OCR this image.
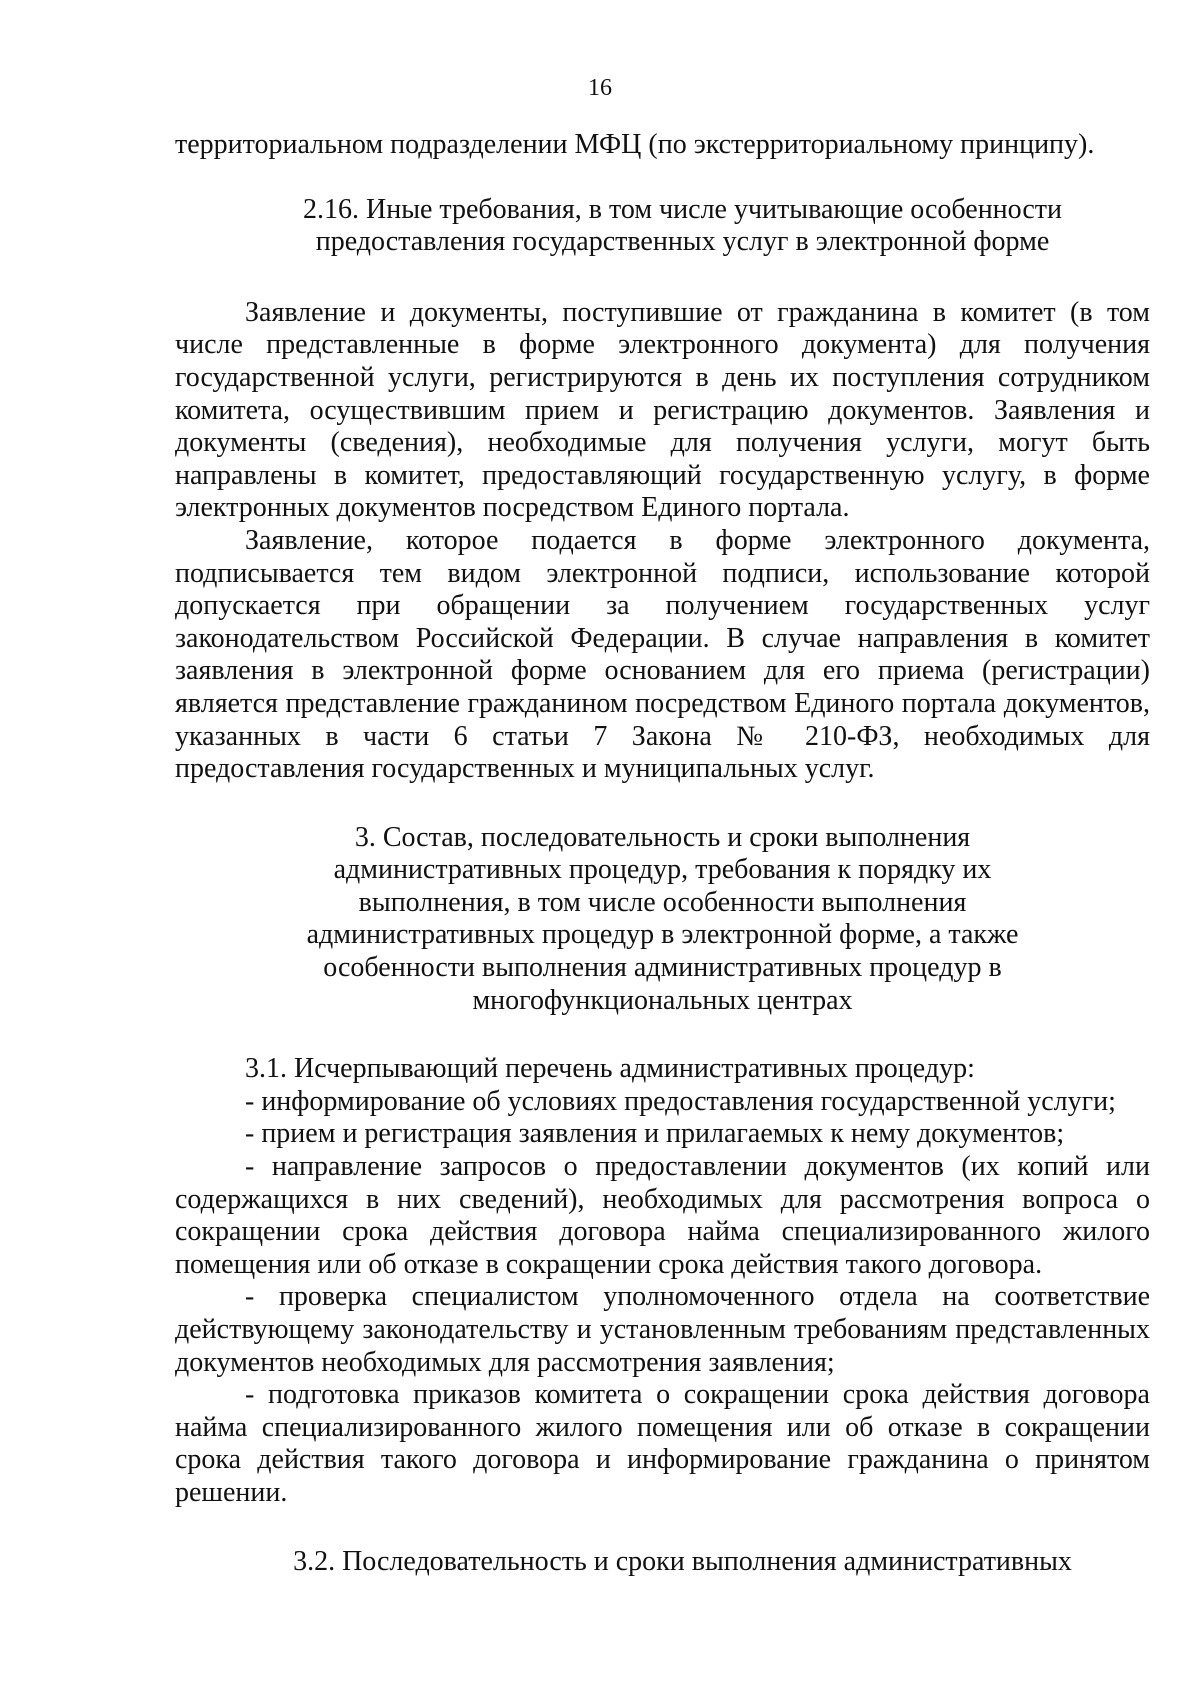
16

территориальном подразделении МФЦ (по экстерриториальному принципу).

2.16. Иные требования, в том числе учитывающие особенности предоставления государственных услуг в электронной форме

Заявление и документы, поступившие от гражданина в комитет (в том числе представленные в форме электронного документа) для получения государственной услуги, регистрируются в день их поступления сотрудником комитета, осуществившим прием и регистрацию документов. Заявления и документы (сведения), необходимые для получения услуги, могут быть направлены в комитет, предоставляющий государственную услугу, в форме электронных документов посредством Единого портала.

Заявление, которое подается в форме электронного документа, подписывается тем видом электронной подписи, использование которой допускается при обращении за получением государственных услуг законодательством Российской Федерации. В случае направления в комитет заявления в электронной форме основанием для его приема (регистрации) является представление гражданином посредством Единого портала документов, указанных в части 6 статьи 7 Закона № 210-ФЗ, необходимых для предоставления государственных и муниципальных услуг.

3. Состав, последовательность и сроки выполнения административных процедур, требования к порядку их выполнения, в том числе особенности выполнения административных процедур в электронной форме, а также особенности выполнения административных процедур в многофункциональных центрах

3.1. Исчерпывающий перечень административных процедур:

- информирование об условиях предоставления государственной услуги;

- прием и регистрация заявления и прилагаемых к нему документов;

- направление запросов о предоставлении документов (их копий или содержащихся в них сведений), необходимых для рассмотрения вопроса о сокращении срока действия договора найма специализированного жилого помещения или об отказе в сокращении срока действия такого договора.

- проверка специалистом уполномоченного отдела на соответствие действующему законодательству и установленным требованиям представленных документов необходимых для рассмотрения заявления;

- подготовка приказов комитета о сокращении срока действия договора найма специализированного жилого помещения или об отказе в сокращении срока действия такого договора и информирование гражданина о принятом решении.

3.2. Последовательность и сроки выполнения административных
